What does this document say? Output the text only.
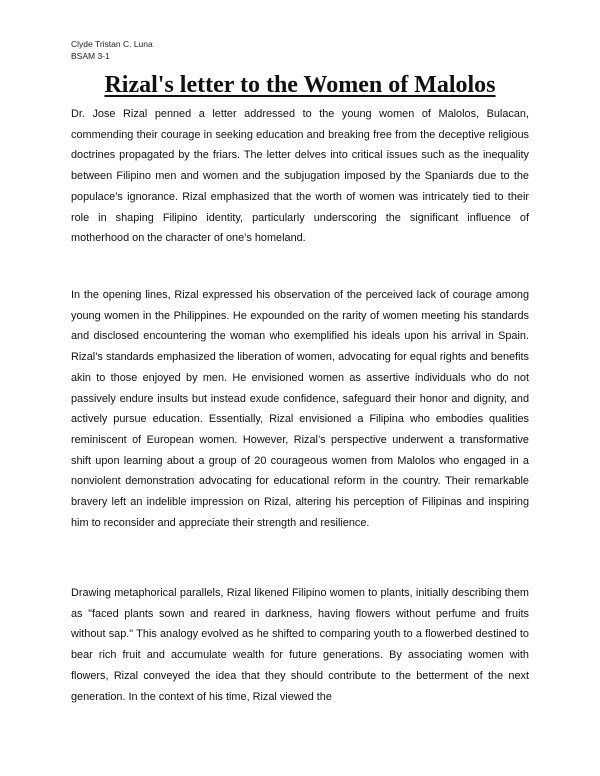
Clyde Tristan C. Luna
BSAM 3-1
Rizal's letter to the Women of Malolos

Dr. Jose Rizal penned a letter addressed to the young women of Malolos, Bulacan, commending their courage in seeking education and breaking free from the deceptive religious doctrines propagated by the friars. The letter delves into critical issues such as the inequality between Filipino men and women and the subjugation imposed by the Spaniards due to the populace’s ignorance. Rizal emphasized that the worth of women was intricately tied to their role in shaping Filipino identity, particularly underscoring the significant influence of motherhood on the character of one’s homeland.

In the opening lines, Rizal expressed his observation of the perceived lack of courage among young women in the Philippines. He expounded on the rarity of women meeting his standards and disclosed encountering the woman who exemplified his ideals upon his arrival in Spain. Rizal’s standards emphasized the liberation of women, advocating for equal rights and benefits akin to those enjoyed by men. He envisioned women as assertive individuals who do not passively endure insults but instead exude confidence, safeguard their honor and dignity, and actively pursue education. Essentially, Rizal envisioned a Filipina who embodies qualities reminiscent of European women. However, Rizal’s perspective underwent a transformative shift upon learning about a group of 20 courageous women from Malolos who engaged in a nonviolent demonstration advocating for educational reform in the country. Their remarkable bravery left an indelible impression on Rizal, altering his perception of Filipinas and inspiring him to reconsider and appreciate their strength and resilience.

Drawing metaphorical parallels, Rizal likened Filipino women to plants, initially describing them as "faced plants sown and reared in darkness, having flowers without perfume and fruits without sap." This analogy evolved as he shifted to comparing youth to a flowerbed destined to bear rich fruit and accumulate wealth for future generations. By associating women with flowers, Rizal conveyed the idea that they should contribute to the betterment of the next generation. In the context of his time, Rizal viewed the
